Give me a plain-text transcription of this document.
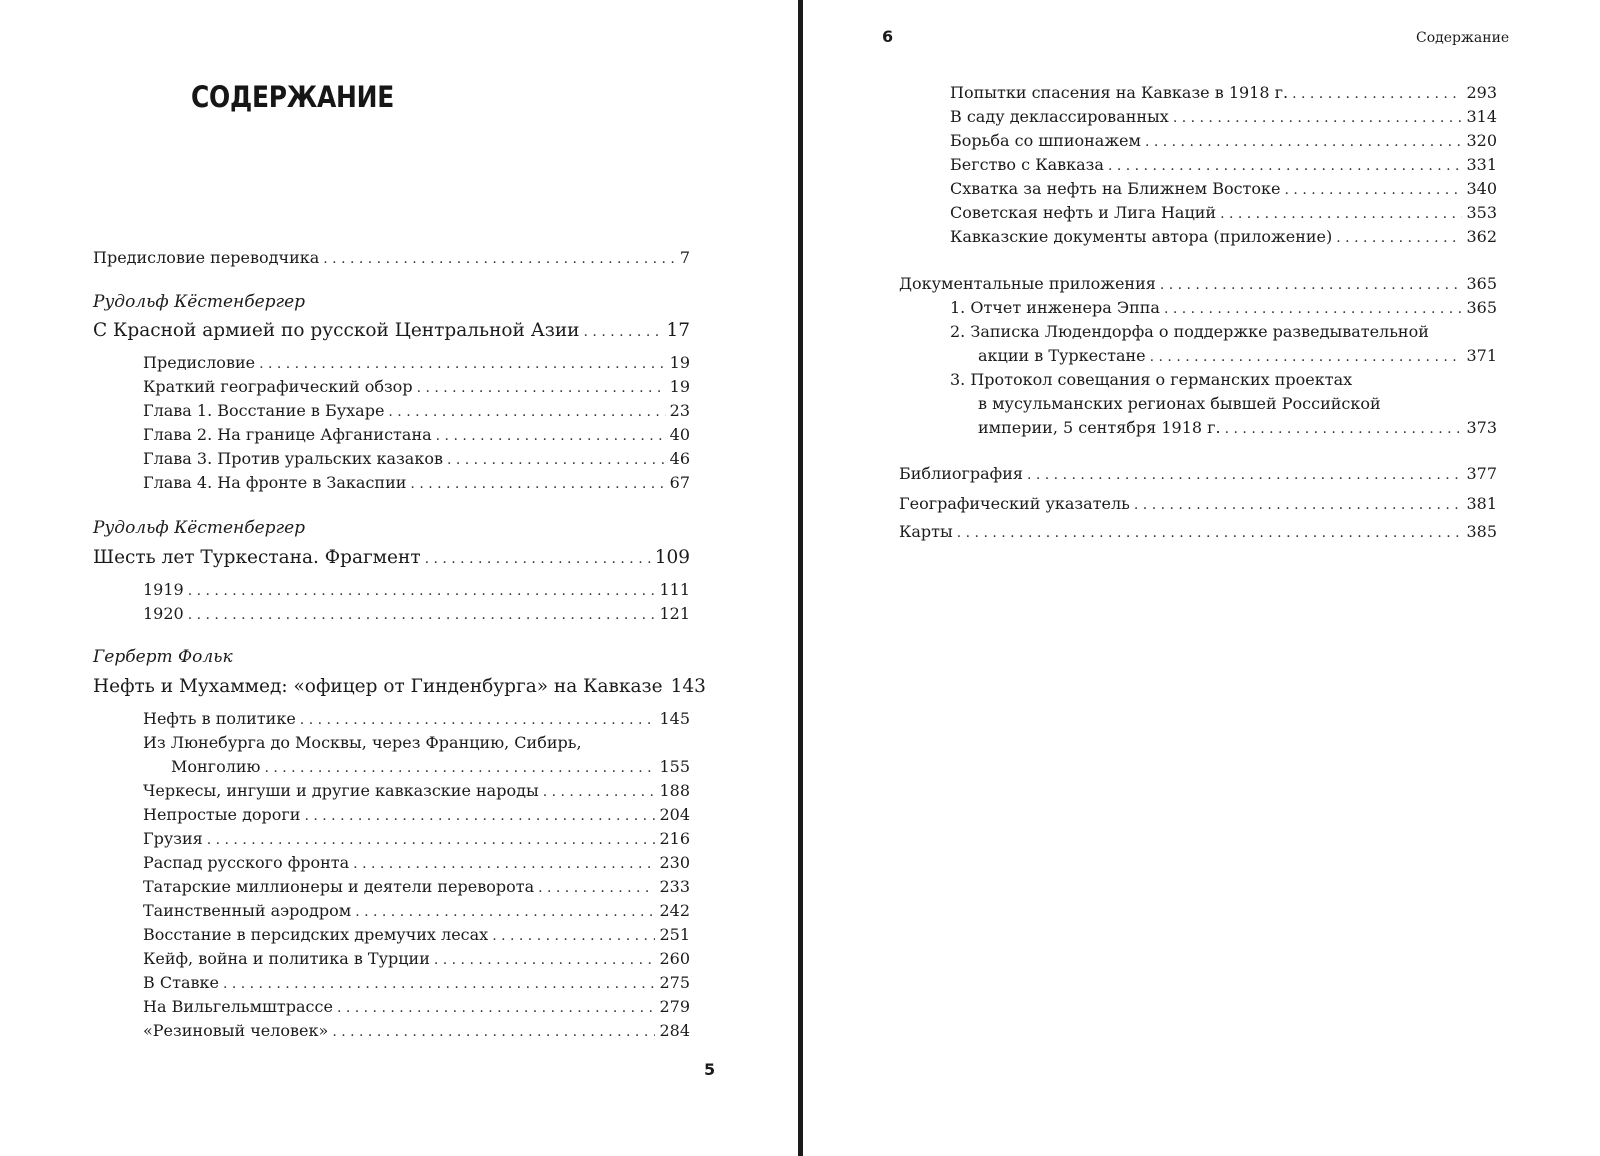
СОДЕРЖАНИЕ
Предисловие переводчика . . .	7
Рудольф Кёстенбергер
С Красной армией по русской Центральной Азии . . .	17
Предисловие . . .	19
Краткий географический обзор . . .	19
Глава 1. Восстание в Бухаре . . .	23
Глава 2. На границе Афганистана . . .	40
Глава 3. Против уральских казаков . . .	46
Глава 4. На фронте в Закаспии . . .	67
Рудольф Кёстенбергер
Шесть лет Туркестана. Фрагмент . . .	109
1919 . . .	111
1920 . . .	121
Герберт Фольк
Нефть и Мухаммед: «офицер от Гинденбурга» на Кавказе 143
Нефть в политике . . .	145
Из Люнебурга до Москвы, через Францию, Сибирь,
Монголию . . .	155
Черкесы, ингуши и другие кавказские народы . . .	188
Непростые дороги . . .	204
Грузия . . .	216
Распад русского фронта . . .	230
Татарские миллионеры и деятели переворота . . .	233
Таинственный аэродром . . .	242
Восстание в персидских дремучих лесах . . .	251
Кейф, война и политика в Турции . . .	260
В Ставке . . .	275
На Вильгельмштрассе . . .	279
«Резиновый человек» . . .	284
5
6	Содержание
Попытки спасения на Кавказе в 1918 г. . . .	293
В саду деклассированных . . .	314
Борьба со шпионажем . . .	320
Бегство с Кавказа . . .	331
Схватка за нефть на Ближнем Востоке . . .	340
Советская нефть и Лига Наций . . .	353
Кавказские документы автора (приложение) . . .	362
Документальные приложения . . .	365
1. Отчет инженера Эппа . . .	365
2. Записка Людендорфа о поддержке разведывательной
акции в Туркестане . . .	371
3. Протокол совещания о германских проектах
в мусульманских регионах бывшей Российской
империи, 5 сентября 1918 г. . . .	373
Библиография . . .	377
Географический указатель . . .	381
Карты . . .	385
